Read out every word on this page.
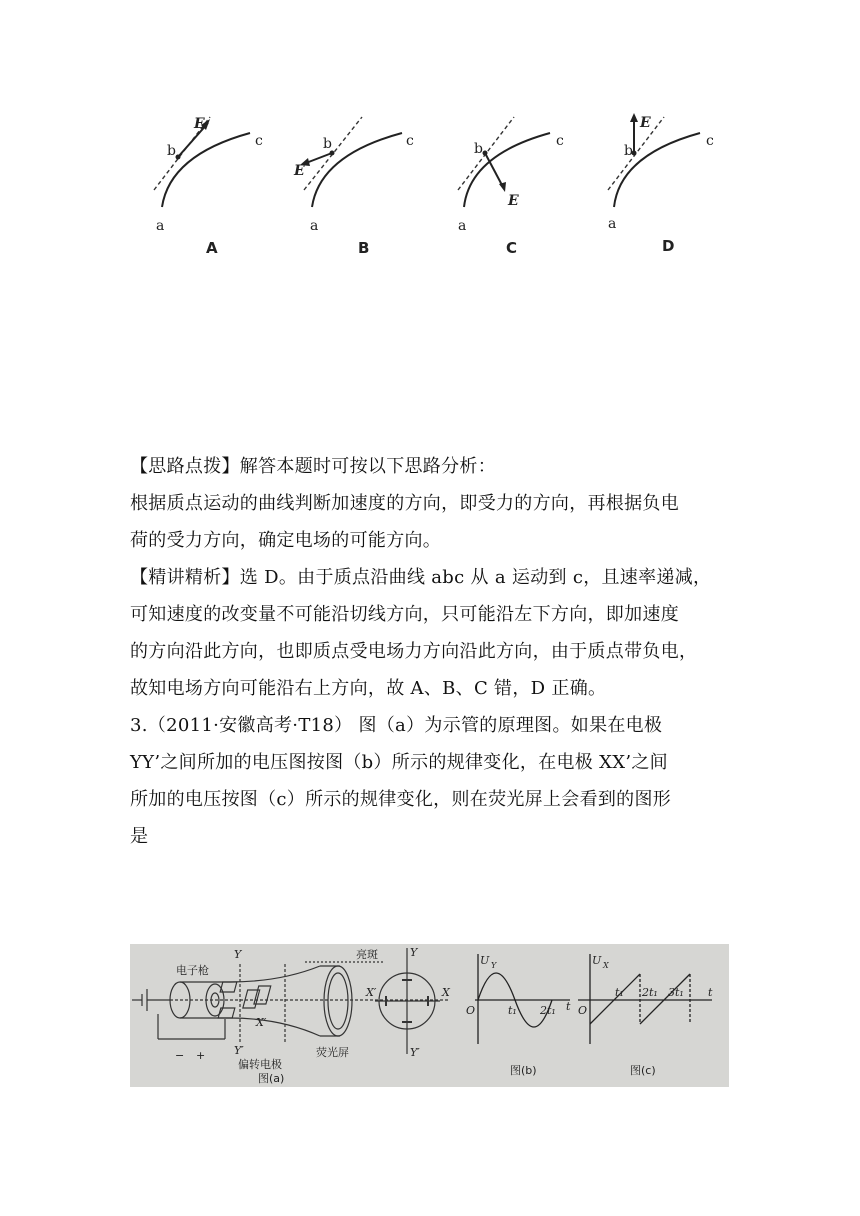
a
b
c
E
A
a
b	c
E
B
a
b	c
E
C
a
b
c
E
D
【思路点拨】解答本题时可按以下思路分析：
根据质点运动的曲线判断加速度的方向，即受力的方向，再根据负电
荷的受力方向，确定电场的可能方向。
【精讲精析】选 D。由于质点沿曲线 abc 从 a 运动到 c，且速率递减，
可知速度的改变量不可能沿切线方向，只可能沿左下方向，即加速度
的方向沿此方向，也即质点受电场力方向沿此方向，由于质点带负电，
故知电场方向可能沿右上方向，故 A、B、C 错，D 正确。
3.（2011·安徽高考·T18） 图（a）为示管的原理图。如果在电极
YY’之间所加的电压图按图（b）所示的规律变化，在电极 XX’之间
所加的电压按图（c）所示的规律变化，则在荧光屏上会看到的图形
是
电子枪
− +
Y
Y′
X′
偏转电极
亮斑
荧光屏
X′	X
Y
Y′
图(a)
U Y
O	t₁ 2t₁ t
图(b)
U X
O
t₁ 2t₁ 3t₁ t
图(c)
